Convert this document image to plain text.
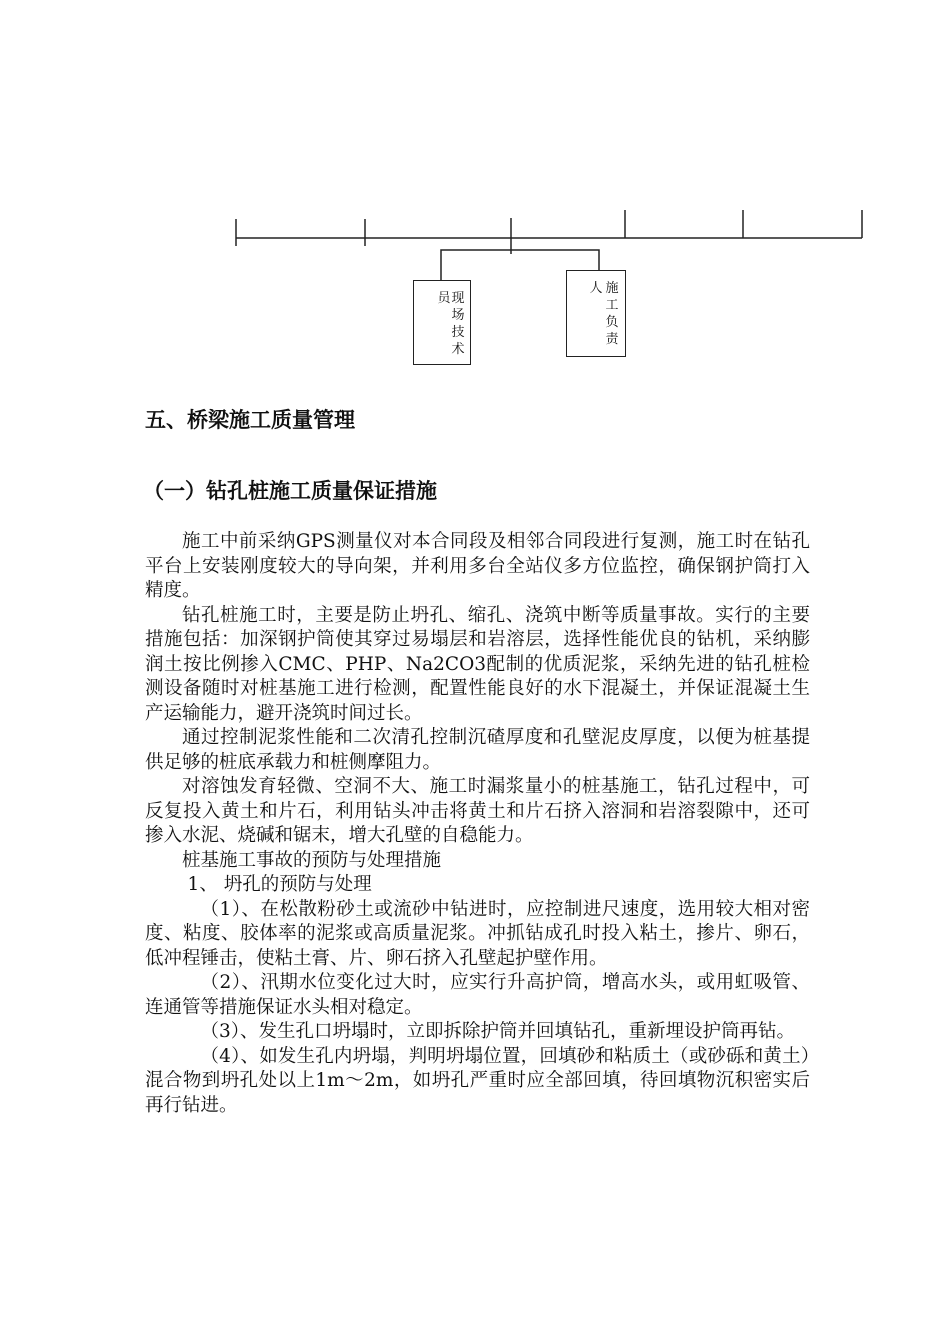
现场技术
员
施工负责
人
五、桥梁施工质量管理
（一）钻孔桩施工质量保证措施

施工中前采纳GPS测量仪对本合同段及相邻合同段进行复测，施工时在钻孔平台上安装刚度较大的导向架，并利用多台全站仪多方位监控，确保钢护筒打入精度。

钻孔桩施工时，主要是防止坍孔、缩孔、浇筑中断等质量事故。实行的主要措施包括：加深钢护筒使其穿过易塌层和岩溶层，选择性能优良的钻机，采纳膨润土按比例掺入CMC、PHP、Na2CO3配制的优质泥浆，采纳先进的钻孔桩检测设备随时对桩基施工进行检测，配置性能良好的水下混凝土，并保证混凝土生产运输能力，避开浇筑时间过长。

通过控制泥浆性能和二次清孔控制沉碴厚度和孔壁泥皮厚度，以便为桩基提供足够的桩底承载力和桩侧摩阻力。

对溶蚀发育轻微、空洞不大、施工时漏浆量小的桩基施工，钻孔过程中，可反复投入黄土和片石，利用钻头冲击将黄土和片石挤入溶洞和岩溶裂隙中，还可掺入水泥、烧碱和锯末，增大孔壁的自稳能力。

桩基施工事故的预防与处理措施

1、 坍孔的预防与处理

（1）、在松散粉砂土或流砂中钻进时，应控制进尺速度，选用较大相对密度、粘度、胶体率的泥浆或高质量泥浆。冲抓钻成孔时投入粘土，掺片、卵石，低冲程锤击，使粘土膏、片、卵石挤入孔壁起护壁作用。

（2）、汛期水位变化过大时，应实行升高护筒，增高水头，或用虹吸管、连通管等措施保证水头相对稳定。

（3）、发生孔口坍塌时，立即拆除护筒并回填钻孔，重新埋设护筒再钻。

（4）、如发生孔内坍塌，判明坍塌位置，回填砂和粘质土（或砂砾和黄土）混合物到坍孔处以上1m～2m，如坍孔严重时应全部回填，待回填物沉积密实后再行钻进。
